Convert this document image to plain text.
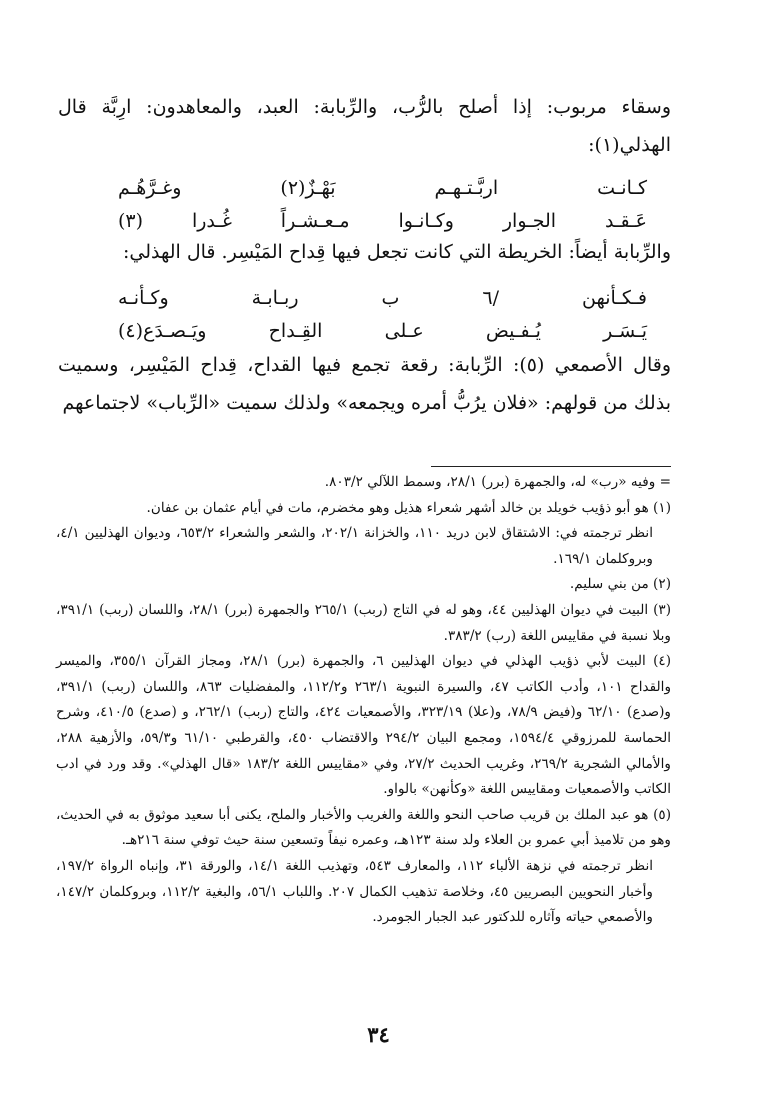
وسقاء مربوب: إذا أصلح بالرُّب، والرِّبابة: العبد، والمعاهدون: ارِبَّة قال الهذلي(١):

كـانـت
اربَّـتـهـم
بَهْـزٌ(٢)
وغـرَّهُـم
عَـقـد الجـوار وكـانـوا مـعـشـراً غُـدرا (٣)

والرِّبابة أيضاً: الخريطة التي كانت تجعل فيها قِداح المَيْسِر. قال الهذلي:

فـكـأنهن
/٦
ب
ربـابـة
وكـأنـه
يَـسَـر يُـفـيض عـلى القِـداح ويَـصـدَع(٤)

وقال الأصمعي (٥): الرِّبابة: رقعة تجمع فيها القداح، قِداح المَيْسِر، وسميت بذلك من قولهم: «فلان يرُبُّ أمره ويجمعه» ولذلك سميت «الرِّباب» لاجتماعهم

= وفيه «رب» له، والجمهرة (برر) ٢٨/١، وسمط اللآلي ٨٠٣/٢.

(١) هو أبو ذؤيب خويلد بن خالد أشهر شعراء هذيل وهو مخضرم، مات في أيام عثمان بن عفان.

انظر ترجمته في: الاشتقاق لابن دريد ١١٠، والخزانة ٢٠٢/١، والشعر والشعراء ٦٥٣/٢، وديوان الهذليين ٤/١، وبروكلمان ١٦٩/١.

(٢) من بني سليم.

(٣) البيت في ديوان الهذليين ٤٤، وهو له في التاج (ربب) ٢٦٥/١ والجمهرة (برر) ٢٨/١، واللسان (ربب) ٣٩١/١، وبلا نسبة في مقاييس اللغة (رب) ٣٨٣/٢.

(٤) البيت لأبي ذؤيب الهذلي في ديوان الهذليين ٦، والجمهرة (برر) ٢٨/١، ومجاز القرآن ٣٥٥/١، والميسر والقداح ١٠١، وأدب الكاتب ٤٧، والسيرة النبوية ٢٦٣/١ و١١٢/٢، والمفضليات ٨٦٣، واللسان (ربب) ٣٩١/١، و(صدع) ٦٢/١٠ و(فيض ٧٨/٩، و(علا) ٣٢٣/١٩، والأصمعيات ٤٢٤، والتاج (ربب) ٢٦٢/١، و (صدع) ٤١٠/٥، وشرح الحماسة للمرزوقي ١٥٩٤/٤، ومجمع البيان ٢٩٤/٢ والاقتضاب ٤٥٠، والقرطبي ٦١/١٠ و٥٩/٣، والأزهية ٢٨٨، والأمالي الشجرية ٢٦٩/٢، وغريب الحديث ٢٧/٢، وفي «مقاييس اللغة ١٨٣/٢ «قال الهذلي». وقد ورد في ادب الكاتب والأصمعيات ومقاييس اللغة «وكأنهن» بالواو.

(٥) هو عبد الملك بن قريب صاحب النحو واللغة والغريب والأخبار والملح، يكنى أبا سعيد موثوق به في الحديث، وهو من تلاميذ أبي عمرو بن العلاء ولد سنة ١٢٣هـ، وعمره نيفاً وتسعين سنة حيث توفي سنة ٢١٦هـ.

انظر ترجمته في نزهة الألباء ١١٢، والمعارف ٥٤٣، وتهذيب اللغة ١٤/١، والورقة ٣١، وإنباه الرواة ١٩٧/٢، وأخبار النحويين البصريين ٤٥، وخلاصة تذهيب الكمال ٢٠٧. واللباب ٥٦/١، والبغية ١١٢/٢، وبروكلمان ١٤٧/٢، والأصمعي حياته وآثاره للدكتور عبد الجبار الجومرد.

٣٤
